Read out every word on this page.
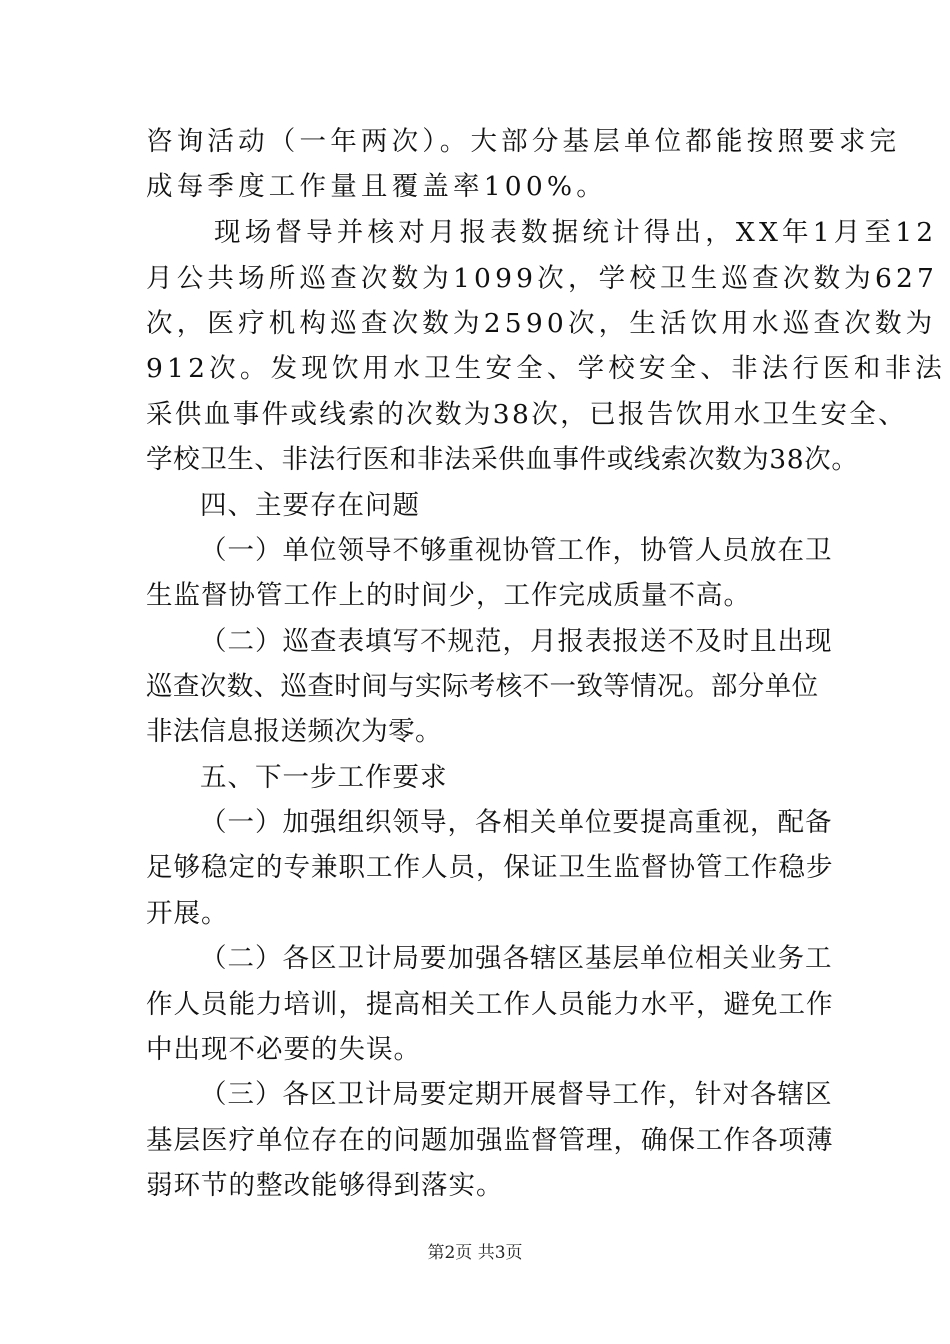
咨询活动（一年两次）。大部分基层单位都能按照要求完
成每季度工作量且覆盖率100%。
现场督导并核对月报表数据统计得出，XX年1月至12
月公共场所巡查次数为1099次，学校卫生巡查次数为627
次，医疗机构巡查次数为2590次，生活饮用水巡查次数为
912次。发现饮用水卫生安全、学校安全、非法行医和非法
采供血事件或线索的次数为38次，已报告饮用水卫生安全、
学校卫生、非法行医和非法采供血事件或线索次数为38次。
四、主要存在问题
（一）单位领导不够重视协管工作，协管人员放在卫
生监督协管工作上的时间少，工作完成质量不高。
（二）巡查表填写不规范，月报表报送不及时且出现
巡查次数、巡查时间与实际考核不一致等情况。部分单位
非法信息报送频次为零。
五、下一步工作要求
（一）加强组织领导，各相关单位要提高重视，配备
足够稳定的专兼职工作人员，保证卫生监督协管工作稳步
开展。
（二）各区卫计局要加强各辖区基层单位相关业务工
作人员能力培训，提高相关工作人员能力水平，避免工作
中出现不必要的失误。
（三）各区卫计局要定期开展督导工作，针对各辖区
基层医疗单位存在的问题加强监督管理，确保工作各项薄
弱环节的整改能够得到落实。
第2页 共3页
